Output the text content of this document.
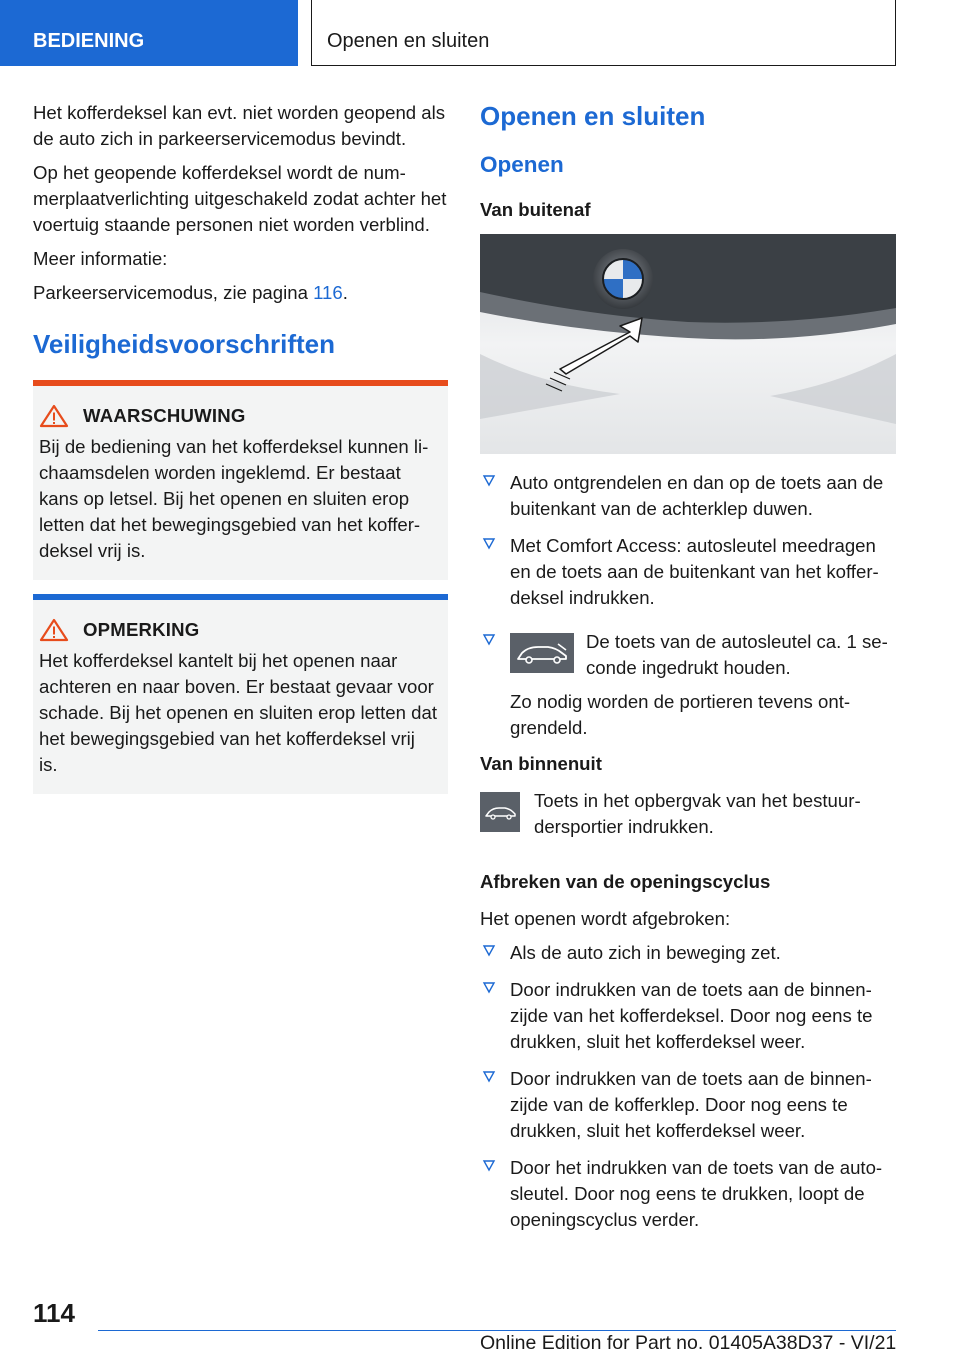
BEDIENING	Openen en sluiten

Het kofferdeksel kan evt. niet worden geopend als de auto zich in parkeerservicemodus bevindt.

Op het geopende kofferdeksel wordt de nummerplaatverlichting uitgeschakeld zodat achter het voertuig staande personen niet worden verblind.

Meer informatie:

Parkeerservicemodus, zie pagina 116.

Veiligheidsvoorschriften
WAARSCHUWING

Bij de bediening van het kofferdeksel kunnen lichaamsdelen worden ingeklemd. Er bestaat kans op letsel. Bij het openen en sluiten erop letten dat het bewegingsgebied van het kofferdeksel vrij is.

OPMERKING

Het kofferdeksel kantelt bij het openen naar achteren en naar boven. Er bestaat gevaar voor schade. Bij het openen en sluiten erop letten dat het bewegingsgebied van het kofferdeksel vrij is.

Openen en sluiten
Openen
Van buitenaf
Auto ontgrendelen en dan op de toets aan de buitenkant van de achterklep duwen.
Met Comfort Access: autosleutel meedragen en de toets aan de buitenkant van het kofferdeksel indrukken.
De toets van de autosleutel ca. 1 seconde ingedrukt houden.
Zo nodig worden de portieren tevens ontgrendeld.
Van binnenuit
Toets in het opbergvak van het bestuurdersportier indrukken.
Afbreken van de openingscyclus

Het openen wordt afgebroken:

Als de auto zich in beweging zet.
Door indrukken van de toets aan de binnenzijde van het kofferdeksel. Door nog eens te drukken, sluit het kofferdeksel weer.
Door indrukken van de toets aan de binnenzijde van de kofferklep. Door nog eens te drukken, sluit het kofferdeksel weer.
Door het indrukken van de toets van de autosleutel. Door nog eens te drukken, loopt de openingscyclus verder.
114
Online Edition for Part no. 01405A38D37 - VI/21
